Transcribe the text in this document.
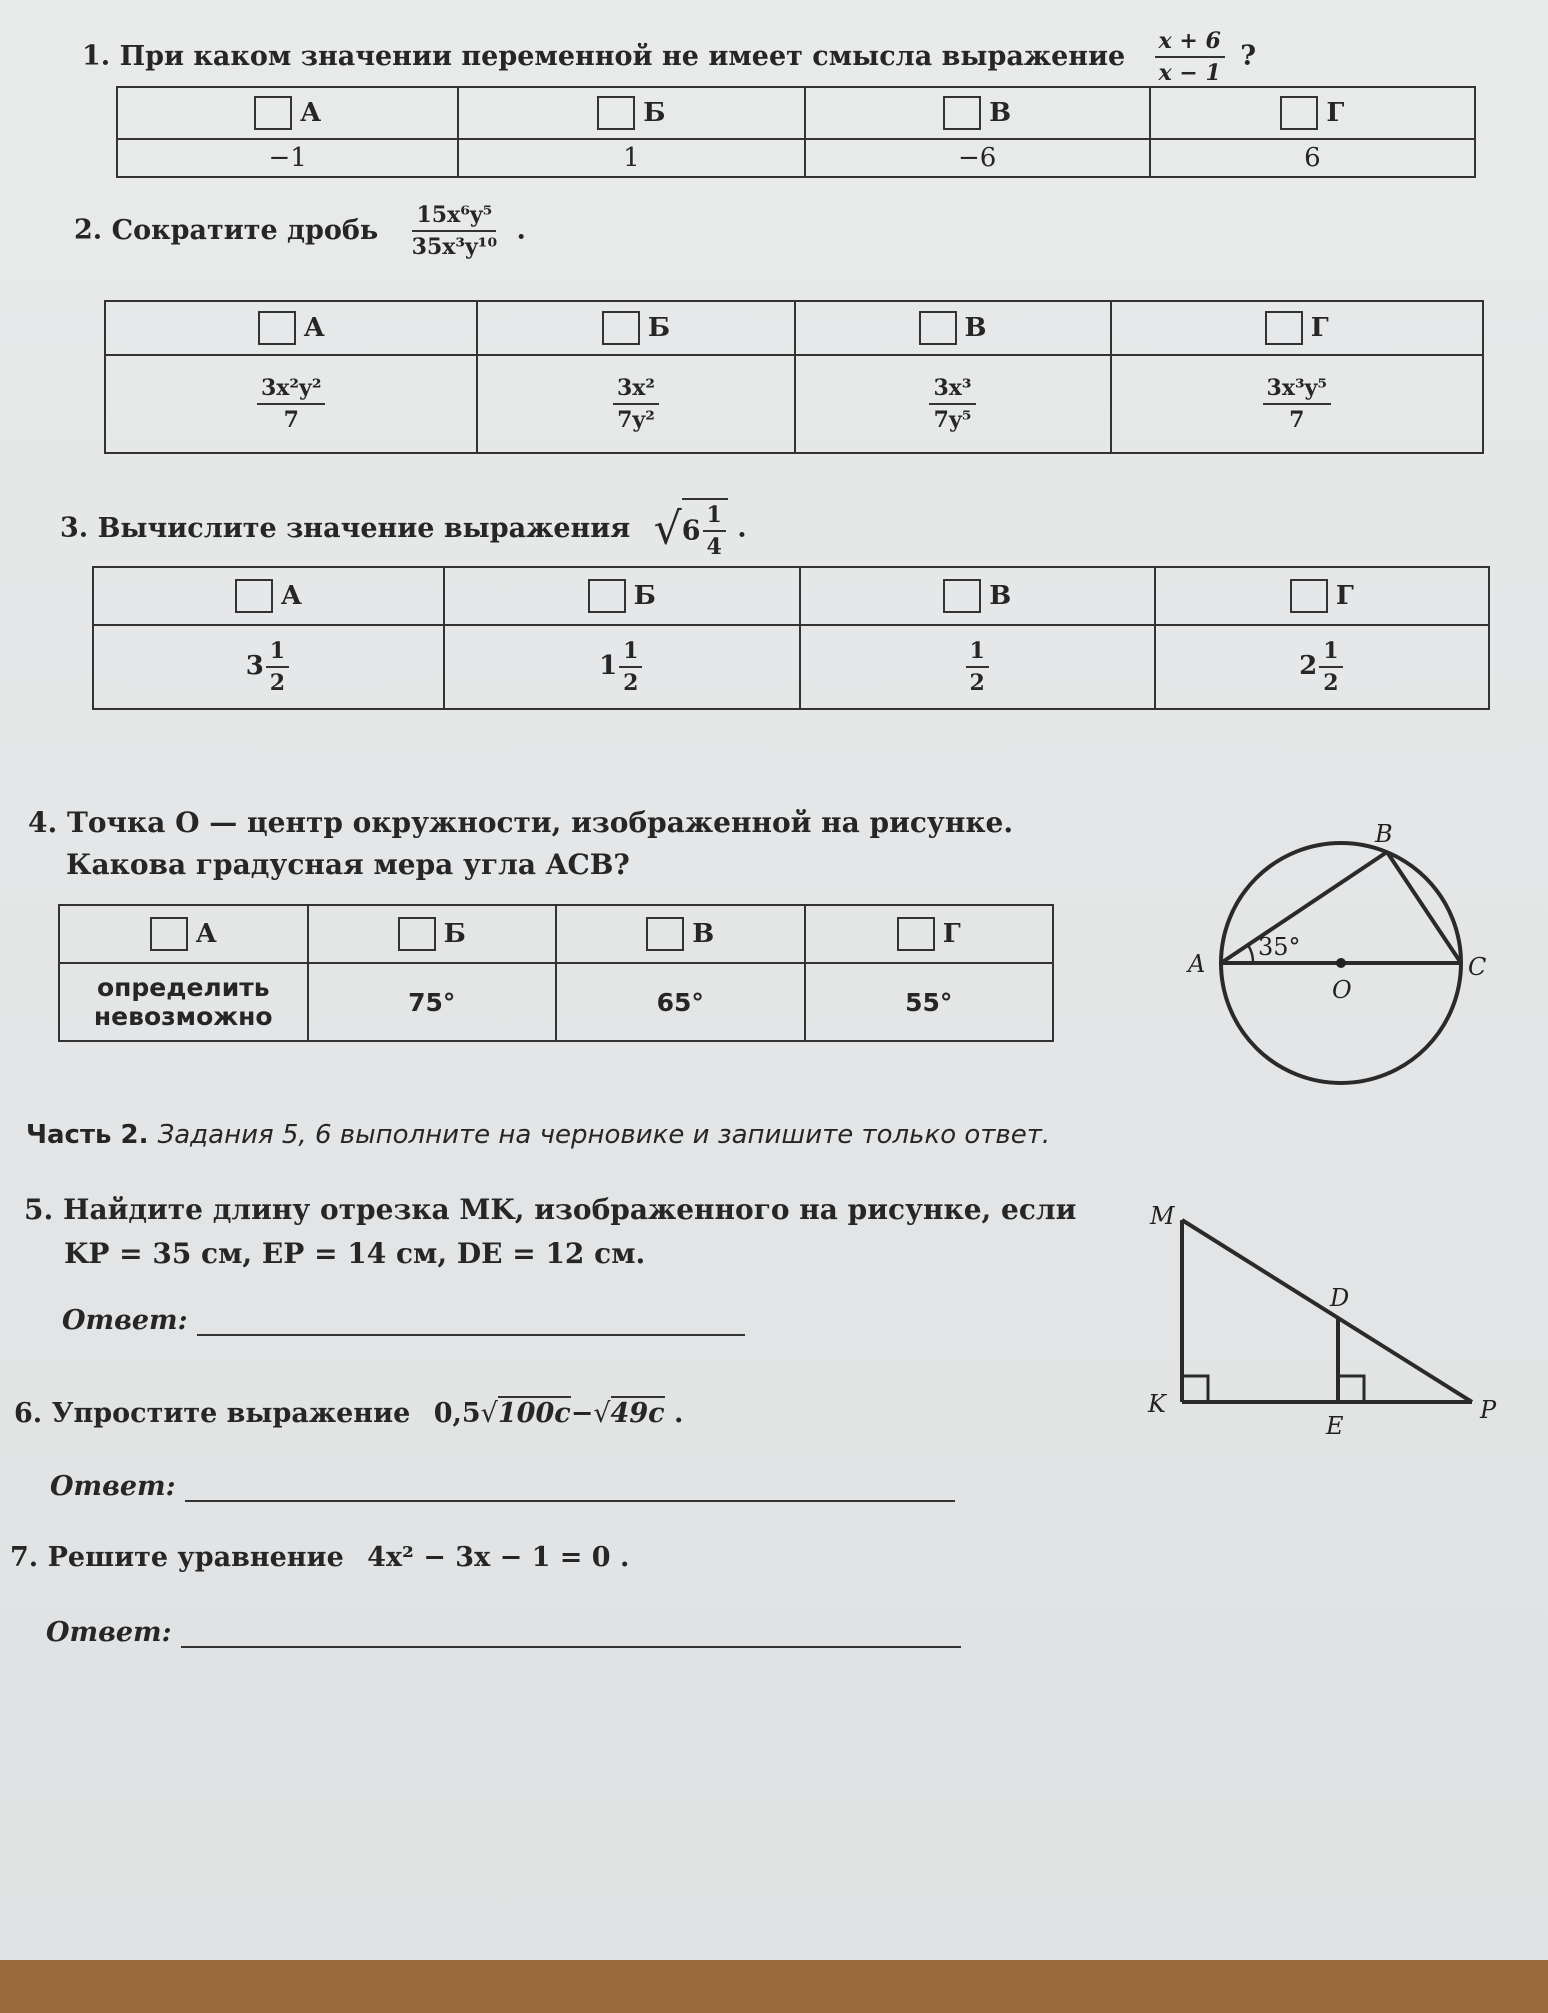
1. При каком значении переменной не имеет смысла выражение $\frac{x + 6}{x - 1}$ ?
А	Б	В	Г
−1	1	−6	6
2. Сократите дробь $\frac{\text{15x⁶y⁵}}{\text{35x³y¹⁰}}$ .
А	Б	В	Г

$\frac{\text{3x²y²}}{7}$	$\frac{\text{3x²}}{\text{7y²}}$	$\frac{\text{3x³}}{\text{7y⁵}}$	$\frac{\text{3x³y⁵}}{7}$
3. Вычислите значение выражения $√6 \frac{1}{4}$ .
А	Б	В	Г
$3 \frac{1}{2}$	$1 \frac{1}{2}$	$\frac{1}{2}$	$2 \frac{1}{2}$
4. Точка O — центр окружности, изображенной на рисунке.
Какова градусная мера угла ACB?
А	Б	В	Г

определить
невозможно	75°	65°	55°
A
B
C
O
35°
Часть 2. Задания 5, 6 выполните на черновике и запишите только ответ.
5. Найдите длину отрезка MK, изображенного на рисунке, если
KP = 35 см, EP = 14 см, DE = 12 см.
Ответ:
M
D
K
E
P
6. Упростите выражение 0,5√100c−√49c .
Ответ:
7. Решите уравнение 4x² − 3x − 1 = 0 .
Ответ:
